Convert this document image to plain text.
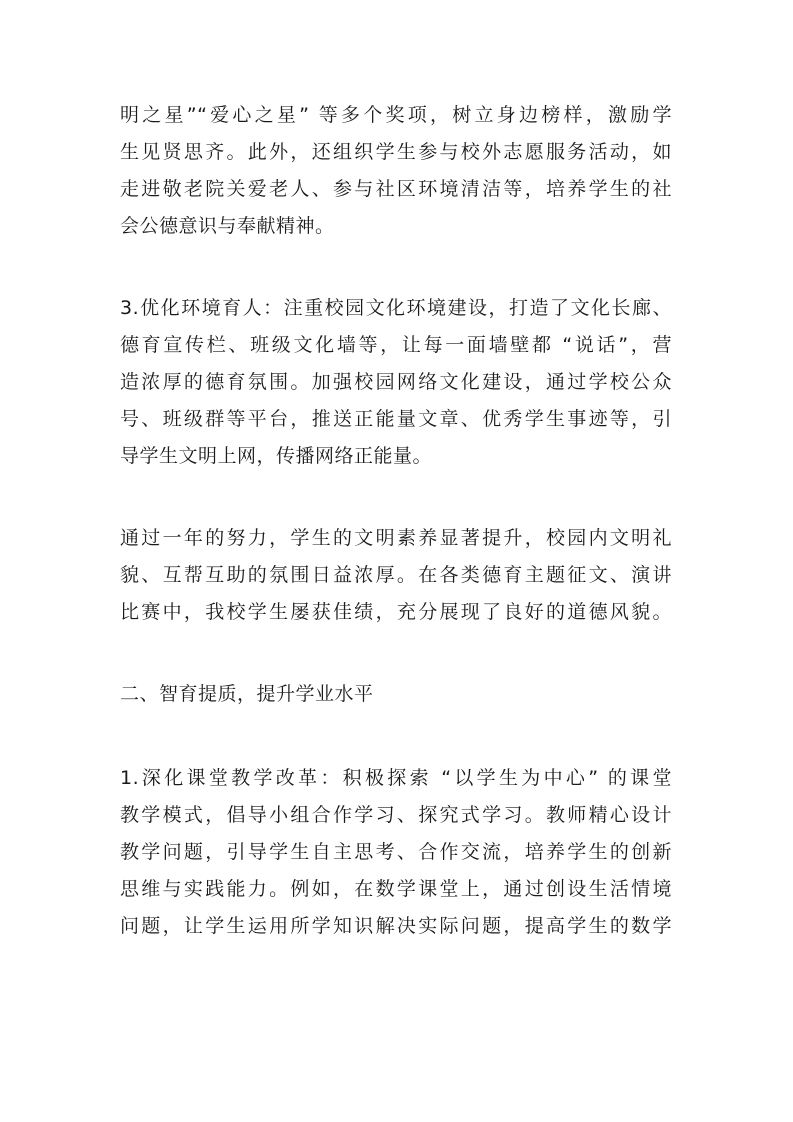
明之星”“爱心之星” 等多个奖项，树立身边榜样，激励学
生见贤思齐。此外，还组织学生参与校外志愿服务活动，如
走进敬老院关爱老人、参与社区环境清洁等，培养学生的社
会公德意识与奉献精神。
3.优化环境育人：注重校园文化环境建设，打造了文化长廊、
德育宣传栏、班级文化墙等，让每一面墙壁都 “说话”，营
造浓厚的德育氛围。加强校园网络文化建设，通过学校公众
号、班级群等平台，推送正能量文章、优秀学生事迹等，引
导学生文明上网，传播网络正能量。
通过一年的努力，学生的文明素养显著提升，校园内文明礼
貌、互帮互助的氛围日益浓厚。在各类德育主题征文、演讲
比赛中，我校学生屡获佳绩，充分展现了良好的道德风貌。
二、智育提质，提升学业水平
1.深化课堂教学改革：积极探索 “以学生为中心” 的课堂
教学模式，倡导小组合作学习、探究式学习。教师精心设计
教学问题，引导学生自主思考、合作交流，培养学生的创新
思维与实践能力。例如，在数学课堂上，通过创设生活情境
问题，让学生运用所学知识解决实际问题，提高学生的数学
